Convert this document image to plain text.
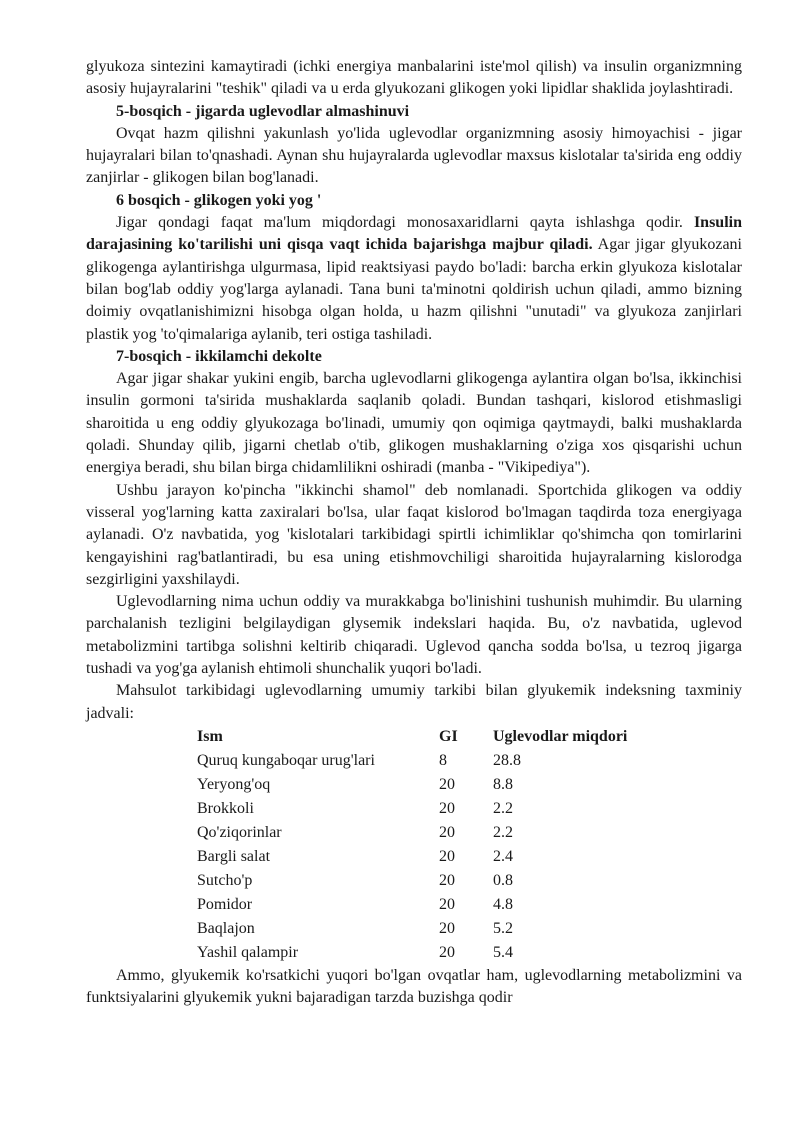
glyukoza sintezini kamaytiradi (ichki energiya manbalarini iste'mol qilish) va insulin organizmning asosiy hujayralarini "teshik" qiladi va u erda glyukozani glikogen yoki lipidlar shaklida joylashtiradi.

5-bosqich - jigarda uglevodlar almashinuvi

Ovqat hazm qilishni yakunlash yo'lida uglevodlar organizmning asosiy himoyachisi - jigar hujayralari bilan to'qnashadi. Aynan shu hujayralarda uglevodlar maxsus kislotalar ta'sirida eng oddiy zanjirlar - glikogen bilan bog'lanadi.

6 bosqich - glikogen yoki yog '

Jigar qondagi faqat ma'lum miqdordagi monosaxaridlarni qayta ishlashga qodir. Insulin darajasining ko'tarilishi uni qisqa vaqt ichida bajarishga majbur qiladi. Agar jigar glyukozani glikogenga aylantirishga ulgurmasa, lipid reaktsiyasi paydo bo'ladi: barcha erkin glyukoza kislotalar bilan bog'lab oddiy yog'larga aylanadi. Tana buni ta'minotni qoldirish uchun qiladi, ammo bizning doimiy ovqatlanishimizni hisobga olgan holda, u hazm qilishni "unutadi" va glyukoza zanjirlari plastik yog 'to'qimalariga aylanib, teri ostiga tashiladi.

7-bosqich - ikkilamchi dekolte

Agar jigar shakar yukini engib, barcha uglevodlarni glikogenga aylantira olgan bo'lsa, ikkinchisi insulin gormoni ta'sirida mushaklarda saqlanib qoladi. Bundan tashqari, kislorod etishmasligi sharoitida u eng oddiy glyukozaga bo'linadi, umumiy qon oqimiga qaytmaydi, balki mushaklarda qoladi. Shunday qilib, jigarni chetlab o'tib, glikogen mushaklarning o'ziga xos qisqarishi uchun energiya beradi, shu bilan birga chidamlilikni oshiradi (manba - "Vikipediya").

Ushbu jarayon ko'pincha "ikkinchi shamol" deb nomlanadi. Sportchida glikogen va oddiy visseral yog'larning katta zaxiralari bo'lsa, ular faqat kislorod bo'lmagan taqdirda toza energiyaga aylanadi. O'z navbatida, yog 'kislotalari tarkibidagi spirtli ichimliklar qo'shimcha qon tomirlarini kengayishini rag'batlantiradi, bu esa uning etishmovchiligi sharoitida hujayralarning kislorodga sezgirligini yaxshilaydi.

Uglevodlarning nima uchun oddiy va murakkabga bo'linishini tushunish muhimdir. Bu ularning parchalanish tezligini belgilaydigan glysemik indekslari haqida. Bu, o'z navbatida, uglevod metabolizmini tartibga solishni keltirib chiqaradi. Uglevod qancha sodda bo'lsa, u tezroq jigarga tushadi va yog'ga aylanish ehtimoli shunchalik yuqori bo'ladi.

Mahsulot tarkibidagi uglevodlarning umumiy tarkibi bilan glyukemik indeksning taxminiy jadvali:

Ism	GI	Uglevodlar miqdori
Quruq kungaboqar urug'lari	8	28.8
Yeryong'oq	20	8.8
Brokkoli	20	2.2
Qo'ziqorinlar	20	2.2
Bargli salat	20	2.4
Sutcho'p	20	0.8
Pomidor	20	4.8
Baqlajon	20	5.2
Yashil qalampir	20	5.4

Ammo, glyukemik ko'rsatkichi yuqori bo'lgan ovqatlar ham, uglevodlarning metabolizmini va funktsiyalarini glyukemik yukni bajaradigan tarzda buzishga qodir
